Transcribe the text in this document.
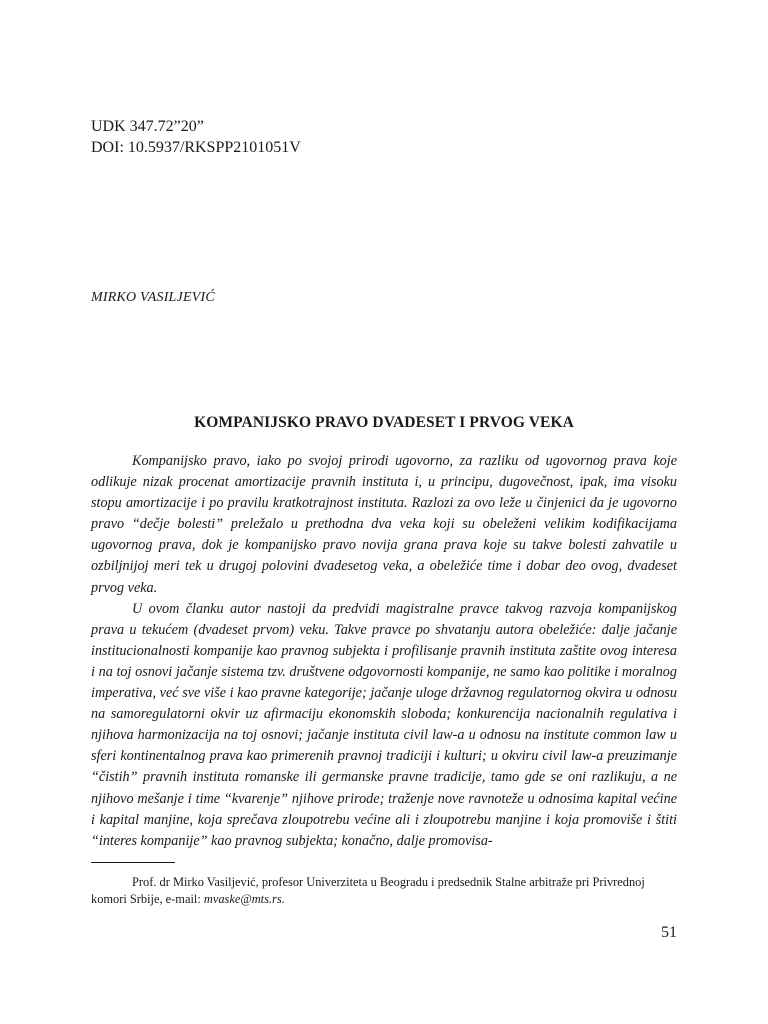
UDK 347.72”20”
DOI: 10.5937/RKSPP2101051V
MIRKO VASILJEVIĆ
KOMPANIJSKO PRAVO DVADESET I PRVOG VEKA

Kompanijsko pravo, iako po svojoj prirodi ugovorno, za razliku od ugovornog prava koje odlikuje nizak procenat amortizacije pravnih instituta i, u principu, dugovečnost, ipak, ima visoku stopu amortizacije i po pravilu kratkotrajnost instituta. Razlozi za ovo leže u činjenici da je ugovorno pravo “dečje bolesti” preležalo u prethodna dva veka koji su obeleženi velikim kodifikacijama ugovornog prava, dok je kompanijsko pravo novija grana prava koje su takve bolesti zahvatile u ozbiljnijoj meri tek u drugoj polovini dvadesetog veka, a obeležiće time i dobar deo ovog, dvadeset prvog veka.

U ovom članku autor nastoji da predvidi magistralne pravce takvog razvoja kompanijskog prava u tekućem (dvadeset prvom) veku. Takve pravce po shvatanju autora obeležiće: dalje jačanje institucionalnosti kompanije kao pravnog subjekta i profilisanje pravnih instituta zaštite ovog interesa i na toj osnovi jačanje sistema tzv. društvene odgovornosti kompanije, ne samo kao politike i moralnog imperativa, već sve više i kao pravne kategorije; jačanje uloge državnog regulatornog okvira u odnosu na samoregulatorni okvir uz afirmaciju ekonomskih sloboda; konkurencija nacionalnih regulativa i njihova harmonizacija na toj osnovi; jačanje instituta civil law-a u odnosu na institute common law u sferi kontinentalnog prava kao primerenih pravnoj tradiciji i kulturi; u okviru civil law-a preuzimanje “čistih” pravnih instituta romanske ili germanske pravne tradicije, tamo gde se oni razlikuju, a ne njihovo mešanje i time “kvarenje” njihove prirode; traženje nove ravnoteže u odnosima kapital većine i kapital manjine, koja sprečava zloupotrebu većine ali i zloupotrebu manjine i koja promoviše i štiti “interes kompanije” kao pravnog subjekta; konačno, dalje promovisa-

Prof. dr Mirko Vasiljević, profesor Univerziteta u Beogradu i predsednik Stalne arbitraže pri Privrednoj komori Srbije, e-mail: mvaske@mts.rs.
51
